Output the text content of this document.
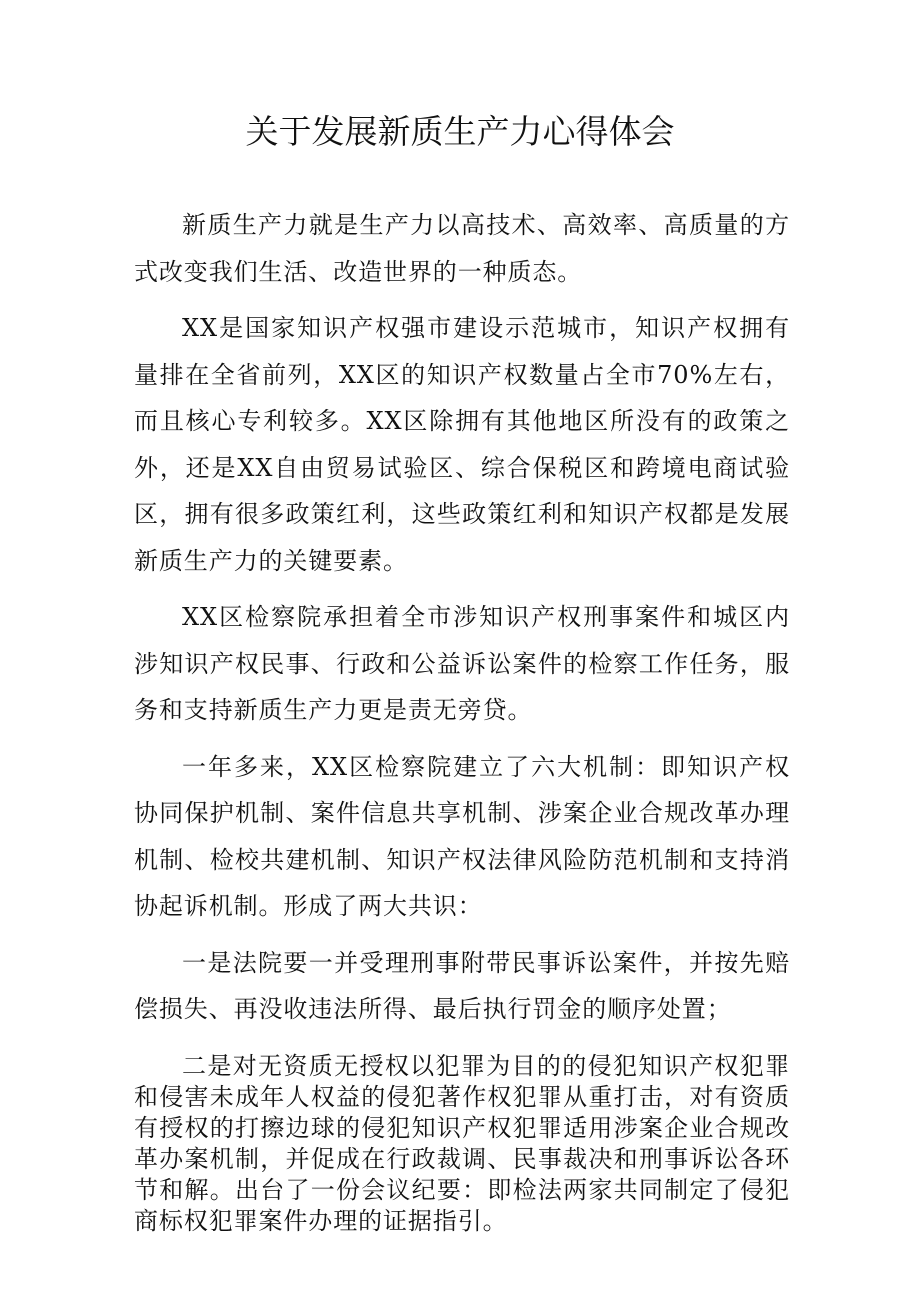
关于发展新质生产力心得体会

新质生产力就是生产力以高技术、高效率、高质量的方式改变我们生活、改造世界的一种质态。

XX是国家知识产权强市建设示范城市，知识产权拥有量排在全省前列，XX区的知识产权数量占全市70%左右，而且核心专利较多。XX区除拥有其他地区所没有的政策之外，还是XX自由贸易试验区、综合保税区和跨境电商试验区，拥有很多政策红利，这些政策红利和知识产权都是发展新质生产力的关键要素。

XX区检察院承担着全市涉知识产权刑事案件和城区内涉知识产权民事、行政和公益诉讼案件的检察工作任务，服务和支持新质生产力更是责无旁贷。

一年多来，XX区检察院建立了六大机制：即知识产权协同保护机制、案件信息共享机制、涉案企业合规改革办理机制、检校共建机制、知识产权法律风险防范机制和支持消协起诉机制。形成了两大共识：

一是法院要一并受理刑事附带民事诉讼案件，并按先赔偿损失、再没收违法所得、最后执行罚金的顺序处置；

二是对无资质无授权以犯罪为目的的侵犯知识产权犯罪和侵害未成年人权益的侵犯著作权犯罪从重打击，对有资质有授权的打擦边球的侵犯知识产权犯罪适用涉案企业合规改革办案机制，并促成在行政裁调、民事裁决和刑事诉讼各环节和解。出台了一份会议纪要：即检法两家共同制定了侵犯商标权犯罪案件办理的证据指引。
